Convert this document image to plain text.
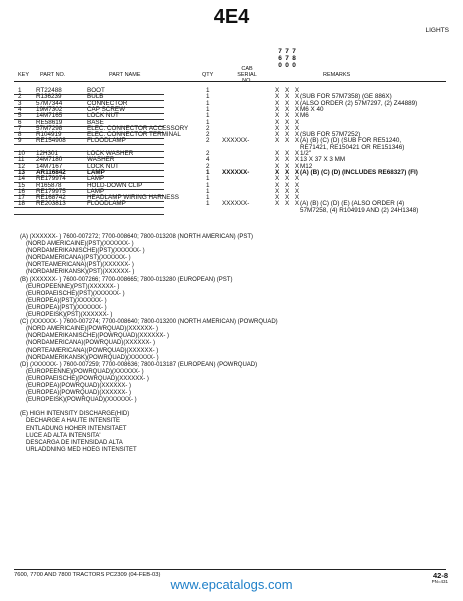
4E4
LIGHTS
7
6
0
7
7
0
7
8
0
KEY PART NO.	PART NAME	QTY
CAB
SERIAL NO.
REMARKS
1 RT22488	BOOT	1	X X X
2 R136239	BULB	1	X X X
(SUB FOR 57M7358) (GE 886X)
3 57M7344	CONNECTOR	1	X X X
(ALSO ORDER (2) 57M7297, (2) Z44889)
4 19M7302	CAP SCREW	1	X X X
M6 X 40
5 14M7165	LOCK NUT	1	X X X
M6
6 RE58619	BASE	1	X X X
7 57M7298	ELEC. CONNECTOR ACCESSORY	2	X X X
8 R104919	ELEC. CONNECTOR TERMINAL	2	X X X
(SUB FOR 57M7252)
9 RE154908	FLOODLAMP	2 XXXXXX-	X X X
(A) (B) (C) (D) (SUB FOR RE51240,
RE71421, RE150421 OR RE151346)
10 12H301	LOCK WASHER	2	X X X
1/2"
11 24M7180	WASHER	4	X X X
13 X 37 X 3 MM
12 14M7167	LOCK NUT	2	X X X
M12
13 AR116842	LAMP	1 XXXXXX-	X X X
(A) (B) (C) (D) (INCLUDES RE68327) (FI)
14 RE179974	LAMP	1	X X X
15 R165878	HOLD-DOWN CLIP	1	X X X
16 RE179975	LAMP	1	X X X
17 RE168742	HEADLAMP WIRING HARNESS	1	X X X
18 RE203813	FLOODLAMP	1 XXXXXX-	X X X
(A) (B) (C) (D) (E) (ALSO ORDER (4)
57M7258, (4) R104919 AND (2) 24H1348)
(A) (XXXXXX- ) 7600-007272; 7700-008640; 7800-013208 (NORTH AMERICAN) (PST)
(NORD AMERICAINE)(PST)(XXXXXX- )
(NORDAMERIKANISCHE)(PST)(XXXXXX- )
(NORDAMERICANA)(PST)(XXXXXX- )
(NORTEAMERICANA)(PST)(XXXXXX- )
(NORDAMERIKANSK)(PST)(XXXXXX- )
(B) (XXXXXX- ) 7600-007266; 7700-008665; 7800-013280 (EUROPEAN) (PST)
(EUROPEENNE)(PST)(XXXXXX- )
(EUROPAEISCHE)(PST)(XXXXXX- )
(EUROPEA)(PST)(XXXXXX- )
(EUROPEA)(PST)(XXXXXX- )
(EUROPEISK)(PST)(XXXXXX- )
(C) (XXXXXX- ) 7600-007274; 7700-008640; 7800-013200 (NORTH AMERICAN) (POWRQUAD)
(NORD AMERICAINE)(POWRQUAD)(XXXXXX- )
(NORDAMERIKANISCHE)(POWRQUAD)(XXXXXX- )
(NORDAMERICANA)(POWRQUAD)(XXXXXX- )
(NORTEAMERICANA)(POWRQUAD)(XXXXXX- )
(NORDAMERIKANSK)(POWRQUAD)(XXXXXX- )
(D) (XXXXXX- ) 7600-007259; 7700-008636; 7800-013187 (EUROPEAN) (POWRQUAD)
(EUROPEENNE)(POWRQUAD)(XXXXXX- )
(EUROPAEISCHE)(POWRQUAD)(XXXXXX- )
(EUROPEA)(POWRQUAD)(XXXXXX- )
(EUROPEA)(POWRQUAD)(XXXXXX- )
(EUROPEISK)(POWRQUAD)(XXXXXX- )

(E) HIGH INTENSITY DISCHARGE(HID)
DECHARGE A HAUTE INTENSITE
ENTLADUNG HOHER INTENSITAET
LUCE AD ALTA INTENSITA'
DESCARGA DE INTENSIDAD ALTA
URLADDNING MED HOEG INTENSITET
7600, 7700 AND 7800 TRACTORS PC2309 (04-FEB-03)	42-8
PN=431
www.epcatalogs.com
